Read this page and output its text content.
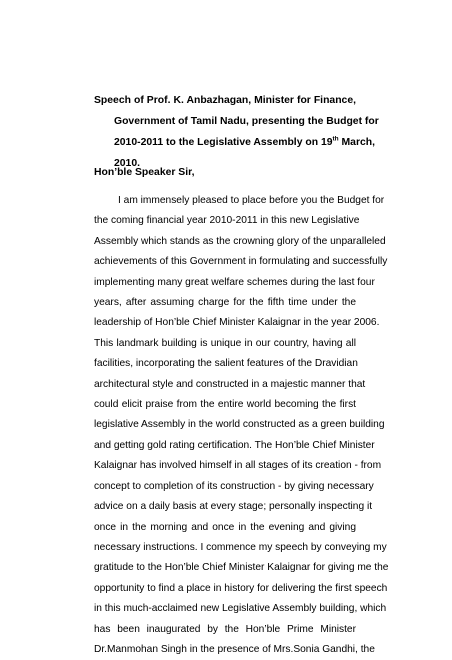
Speech of Prof. K. Anbazhagan, Minister for Finance,
Government of Tamil Nadu, presenting the Budget for
2010-2011 to the Legislative Assembly on 19th March,
2010.
Hon’ble Speaker Sir,
I am immensely pleased to place before you the Budget for
the coming financial year 2010-2011 in this new Legislative
Assembly which stands as the crowning glory of the unparalleled
achievements of this Government in formulating and successfully
implementing many great welfare schemes during the last four
years, after assuming charge for the fifth time under the
leadership of Hon’ble Chief Minister Kalaignar in the year 2006.
This landmark building is unique in our country, having all
facilities, incorporating the salient features of the Dravidian
architectural style and constructed in a majestic manner that
could elicit praise from the entire world becoming the first
legislative Assembly in the world constructed as a green building
and getting gold rating certification. The Hon’ble Chief Minister
Kalaignar has involved himself in all stages of its creation - from
concept to completion of its construction - by giving necessary
advice on a daily basis at every stage; personally inspecting it
once in the morning and once in the evening and giving
necessary instructions. I commence my speech by conveying my
gratitude to the Hon’ble Chief Minister Kalaignar for giving me the
opportunity to find a place in history for delivering the first speech
in this much-acclaimed new Legislative Assembly building, which
has been inaugurated by the Hon’ble Prime Minister
Dr.Manmohan Singh in the presence of Mrs.Sonia Gandhi, the
